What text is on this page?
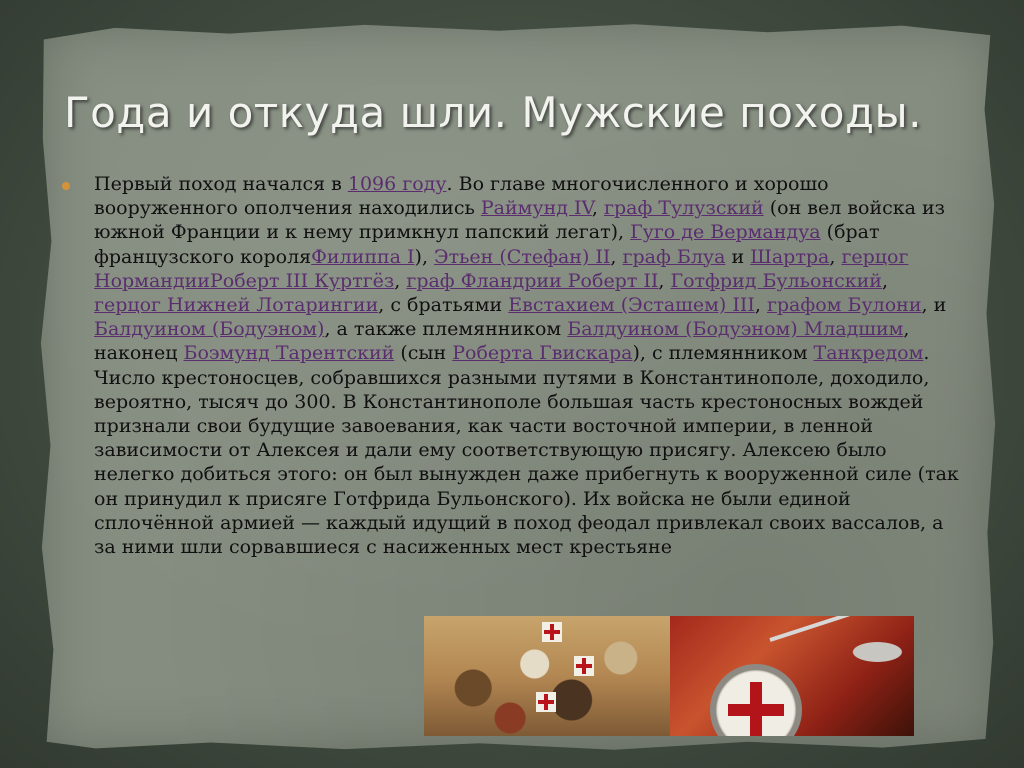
Года и откуда шли. Мужские походы.

Первый поход начался в 1096 году. Во главе многочисленного и хорошо вооруженного ополчения находились Раймунд IV, граф Тулузский (он вел войска из южной Франции и к нему примкнул папский легат), Гуго де Вермандуа (брат французского короляФилиппа I), Этьен (Стефан) II, граф Блуа и Шартра, герцог НормандииРоберт III Куртгёз, граф Фландрии Роберт II, Готфрид Бульонский, герцог Нижней Лотарингии, с братьями Евстахием (Эсташем) III, графом Булони, и Балдуином (Бодуэном), а также племянником Балдуином (Бодуэном) Младшим, наконец Боэмунд Тарентский (сын Роберта Гвискара), с племянником Танкредом. Число крестоносцев, собравшихся разными путями в Константинополе, доходило, вероятно, тысяч до 300. В Константинополе большая часть крестоносных вождей признали свои будущие завоевания, как части восточной империи, в ленной зависимости от Алексея и дали ему соответствующую присягу. Алексею было нелегко добиться этого: он был вынужден даже прибегнуть к вооруженной силе (так он принудил к присяге Готфрида Бульонского). Их войска не были единой сплочённой армией — каждый идущий в поход феодал привлекал своих вассалов, а за ними шли сорвавшиеся с насиженных мест крестьяне
